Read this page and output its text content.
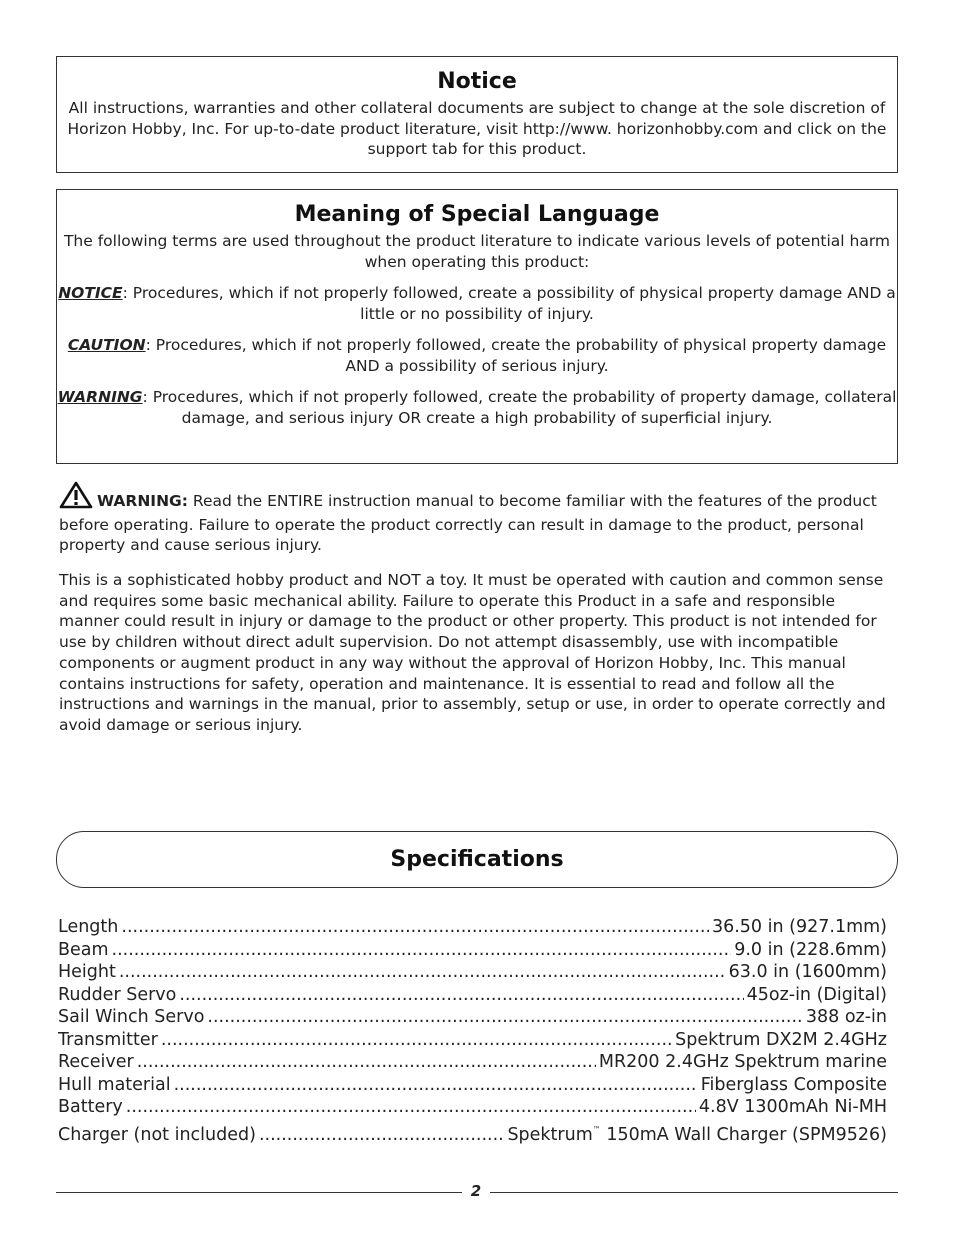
Notice

All instructions, warranties and other collateral documents are subject to change at the sole discretion of Horizon Hobby, Inc. For up-to-date product literature, visit http://www. horizonhobby.com and click on the support tab for this product.

Meaning of Special Language

The following terms are used throughout the product literature to indicate various levels of potential harm when operating this product:

NOTICE: Procedures, which if not properly followed, create a possibility of physical property damage AND a little or no possibility of injury.

CAUTION: Procedures, which if not properly followed, create the probability of physical property damage AND a possibility of serious injury.

WARNING: Procedures, which if not properly followed, create the probability of property damage, collateral damage, and serious injury OR create a high probability of superficial injury.

WARNING: Read the ENTIRE instruction manual to become familiar with the features of the product before operating. Failure to operate the product correctly can result in damage to the product, personal property and cause serious injury.

This is a sophisticated hobby product and NOT a toy. It must be operated with caution and common sense and requires some basic mechanical ability. Failure to operate this Product in a safe and responsible manner could result in injury or damage to the product or other property. This product is not intended for use by children without direct adult supervision. Do not attempt disassembly, use with incompatible components or augment product in any way without the approval of Horizon Hobby, Inc. This manual contains instructions for safety, operation and maintenance. It is essential to read and follow all the instructions and warnings in the manual, prior to assembly, setup or use, in order to operate correctly and avoid damage or serious injury.

Specifications
Length .....	36.50 in (927.1mm)
Beam .....	9.0 in (228.6mm)
Height .....	63.0 in (1600mm)
Rudder Servo .....	45oz-in (Digital)
Sail Winch Servo .....	388 oz-in
Transmitter .....	Spektrum DX2M 2.4GHz
Receiver .....	MR200 2.4GHz Spektrum marine
Hull material .....	Fiberglass Composite
Battery .....	4.8V 1300mAh Ni-MH
Charger (not included) .....	Spektrum™ 150mA Wall Charger (SPM9526)
2
